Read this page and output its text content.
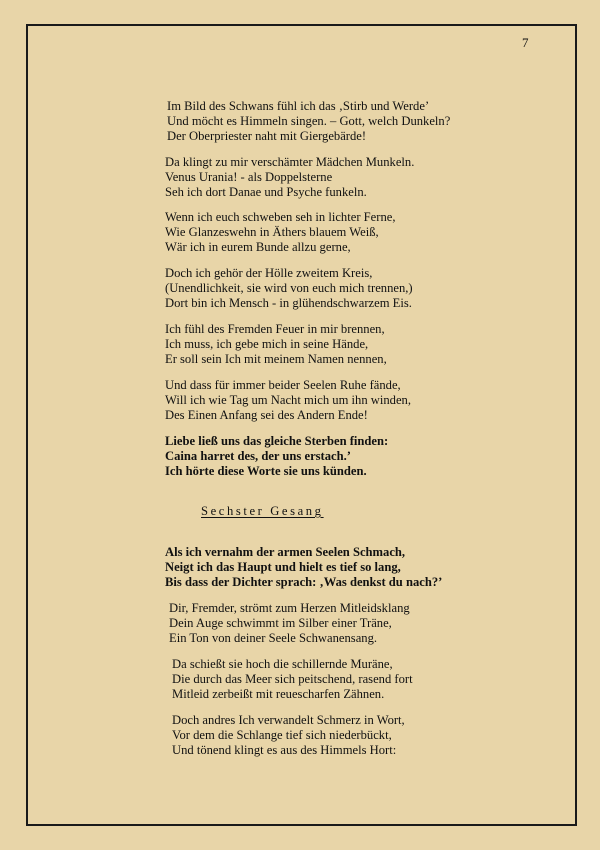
7
Im Bild des Schwans fühl ich das ‚Stirb und Werde’
Und möcht es Himmeln singen. – Gott, welch Dunkeln?
Der Oberpriester naht mit Giergebärde!
Da klingt zu mir verschämter Mädchen Munkeln.
Venus Urania! - als Doppelsterne
Seh ich dort Danae und Psyche funkeln.
Wenn ich euch schweben seh in lichter Ferne,
Wie Glanzeswehn in Äthers blauem Weiß,
Wär ich in eurem Bunde allzu gerne,
Doch ich gehör der Hölle zweitem Kreis,
(Unendlichkeit, sie wird von euch mich trennen,)
Dort bin ich Mensch - in glühendschwarzem Eis.
Ich fühl des Fremden Feuer in mir brennen,
Ich muss, ich gebe mich in seine Hände,
Er soll sein Ich mit meinem Namen nennen,
Und dass für immer beider Seelen Ruhe fände,
Will ich wie Tag um Nacht mich um ihn winden,
Des Einen Anfang sei des Andern Ende!
Liebe ließ uns das gleiche Sterben finden:
Caina harret des, der uns erstach.’
Ich hörte diese Worte sie uns künden.
Sechster Gesang
Als ich vernahm der armen Seelen Schmach,
Neigt ich das Haupt und hielt es tief so lang,
Bis dass der Dichter sprach: ‚Was denkst du nach?’
Dir, Fremder, strömt zum Herzen Mitleidsklang
Dein Auge schwimmt im Silber einer Träne,
Ein Ton von deiner Seele Schwanensang.
Da schießt sie hoch die schillernde Muräne,
Die durch das Meer sich peitschend, rasend fort
Mitleid zerbeißt mit reuescharfen Zähnen.
Doch andres Ich verwandelt Schmerz in Wort,
Vor dem die Schlange tief sich niederbückt,
Und tönend klingt es aus des Himmels Hort:
